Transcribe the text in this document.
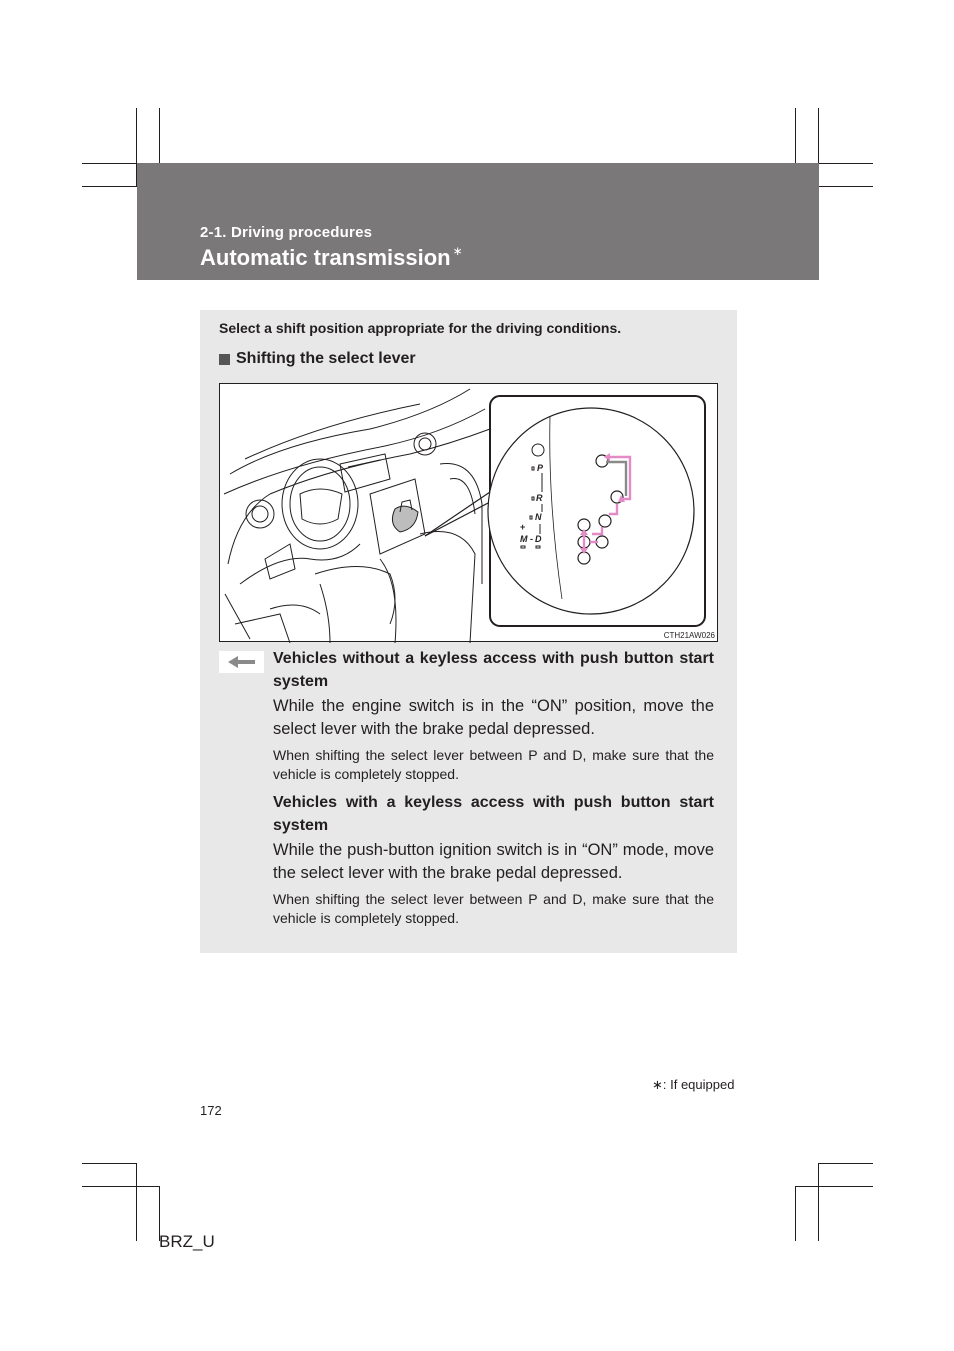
2-1. Driving procedures
Automatic transmission ∗
Select a shift position appropriate for the driving conditions.
Shifting the select lever
P
R
N
D
M
+
-
CTH21AW026
Vehicles without a keyless access with push button start system
While the engine switch is in the “ON” position, move the select lever with the brake pedal depressed.
When shifting the select lever between P and D, make sure that the vehicle is completely stopped.
Vehicles with a keyless access with push button start system
While the push-button ignition switch is in “ON” mode, move the select lever with the brake pedal depressed.
When shifting the select lever between P and D, make sure that the vehicle is completely stopped.
∗: If equipped
172
BRZ_U
